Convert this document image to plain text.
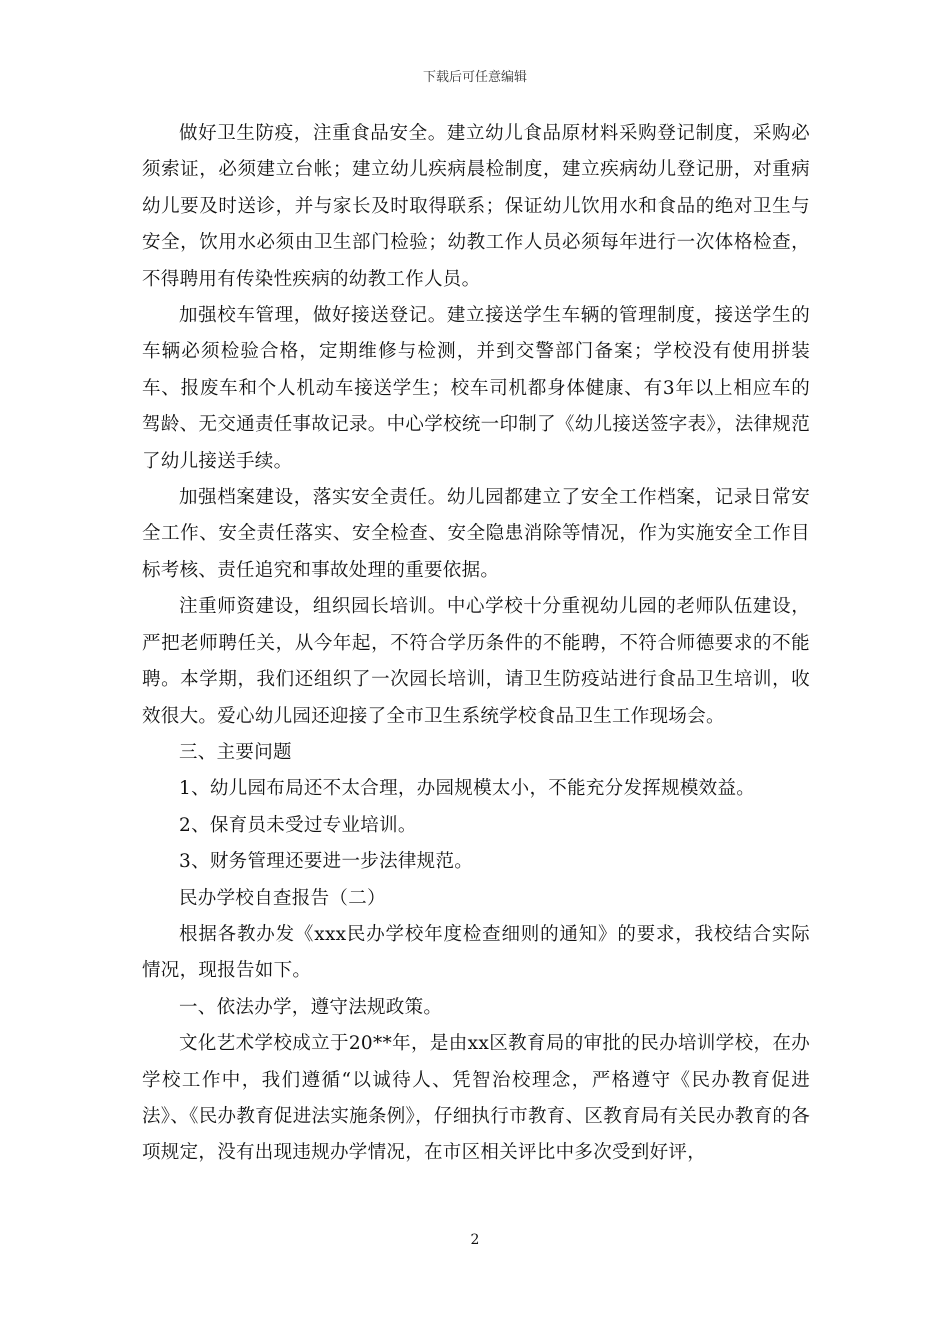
下载后可任意编辑

做好卫生防疫，注重食品安全。建立幼儿食品原材料采购登记制度，采购必须索证，必须建立台帐；建立幼儿疾病晨检制度，建立疾病幼儿登记册，对重病幼儿要及时送诊，并与家长及时取得联系；保证幼儿饮用水和食品的绝对卫生与安全，饮用水必须由卫生部门检验；幼教工作人员必须每年进行一次体格检查，不得聘用有传染性疾病的幼教工作人员。

加强校车管理，做好接送登记。建立接送学生车辆的管理制度，接送学生的车辆必须检验合格，定期维修与检测，并到交警部门备案；学校没有使用拼装车、报废车和个人机动车接送学生；校车司机都身体健康、有3年以上相应车的驾龄、无交通责任事故记录。中心学校统一印制了《幼儿接送签字表》，法律规范了幼儿接送手续。

加强档案建设，落实安全责任。幼儿园都建立了安全工作档案，记录日常安全工作、安全责任落实、安全检查、安全隐患消除等情况，作为实施安全工作目标考核、责任追究和事故处理的重要依据。

注重师资建设，组织园长培训。中心学校十分重视幼儿园的老师队伍建设，严把老师聘任关，从今年起，不符合学历条件的不能聘，不符合师德要求的不能聘。本学期，我们还组织了一次园长培训，请卫生防疫站进行食品卫生培训，收效很大。爱心幼儿园还迎接了全市卫生系统学校食品卫生工作现场会。

三、主要问题

1、幼儿园布局还不太合理，办园规模太小，不能充分发挥规模效益。

2、保育员未受过专业培训。

3、财务管理还要进一步法律规范。

民办学校自查报告（二）

根据各教办发《xxx民办学校年度检查细则的通知》的要求，我校结合实际情况，现报告如下。

一、依法办学，遵守法规政策。

文化艺术学校成立于20**年，是由xx区教育局的审批的民办培训学校，在办学校工作中，我们遵循“以诚待人、凭智治校理念，严格遵守《民办教育促进法》、《民办教育促进法实施条例》，仔细执行市教育、区教育局有关民办教育的各项规定，没有出现违规办学情况，在市区相关评比中多次受到好评，

2
